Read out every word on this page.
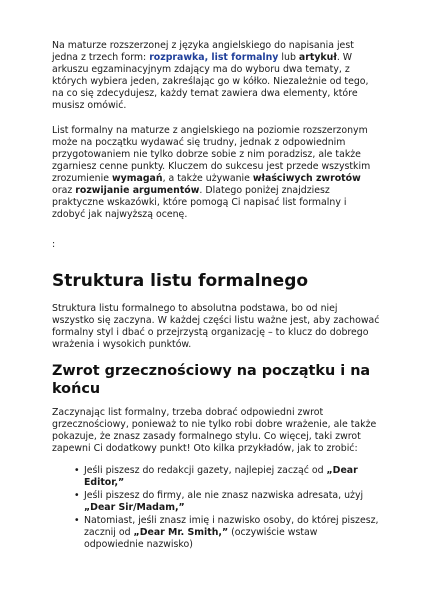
Na maturze rozszerzonej z języka angielskiego do napisania jest jedna z trzech form: rozprawka, list formalny lub artykuł. W arkuszu egzaminacyjnym zdający ma do wyboru dwa tematy, z których wybiera jeden, zakreślając go w kółko. Niezależnie od tego, na co się zdecydujesz, każdy temat zawiera dwa elementy, które musisz omówić.

List formalny na maturze z angielskiego na poziomie rozszerzonym może na początku wydawać się trudny, jednak z odpowiednim przygotowaniem nie tylko dobrze sobie z nim poradzisz, ale także zgarniesz cenne punkty. Kluczem do sukcesu jest przede wszystkim zrozumienie wymagań, a także używanie właściwych zwrotów oraz rozwijanie argumentów. Dlatego poniżej znajdziesz praktyczne wskazówki, które pomogą Ci napisać list formalny i zdobyć jak najwyższą ocenę.

:

Struktura listu formalnego

Struktura listu formalnego to absolutna podstawa, bo od niej wszystko się zaczyna. W każdej części listu ważne jest, aby zachować formalny styl i dbać o przejrzystą organizację – to klucz do dobrego wrażenia i wysokich punktów.

Zwrot grzecznościowy na początku i na końcu

Zaczynając list formalny, trzeba dobrać odpowiedni zwrot grzecznościowy, ponieważ to nie tylko robi dobre wrażenie, ale także pokazuje, że znasz zasady formalnego stylu. Co więcej, taki zwrot zapewni Ci dodatkowy punkt! Oto kilka przykładów, jak to zrobić:

• Jeśli piszesz do redakcji gazety, najlepiej zacząć od „Dear Editor,”
• Jeśli piszesz do firmy, ale nie znasz nazwiska adresata, użyj „Dear Sir/Madam,”
• Natomiast, jeśli znasz imię i nazwisko osoby, do której piszesz, zacznij od „Dear Mr. Smith,” (oczywiście wstaw odpowiednie nazwisko)
